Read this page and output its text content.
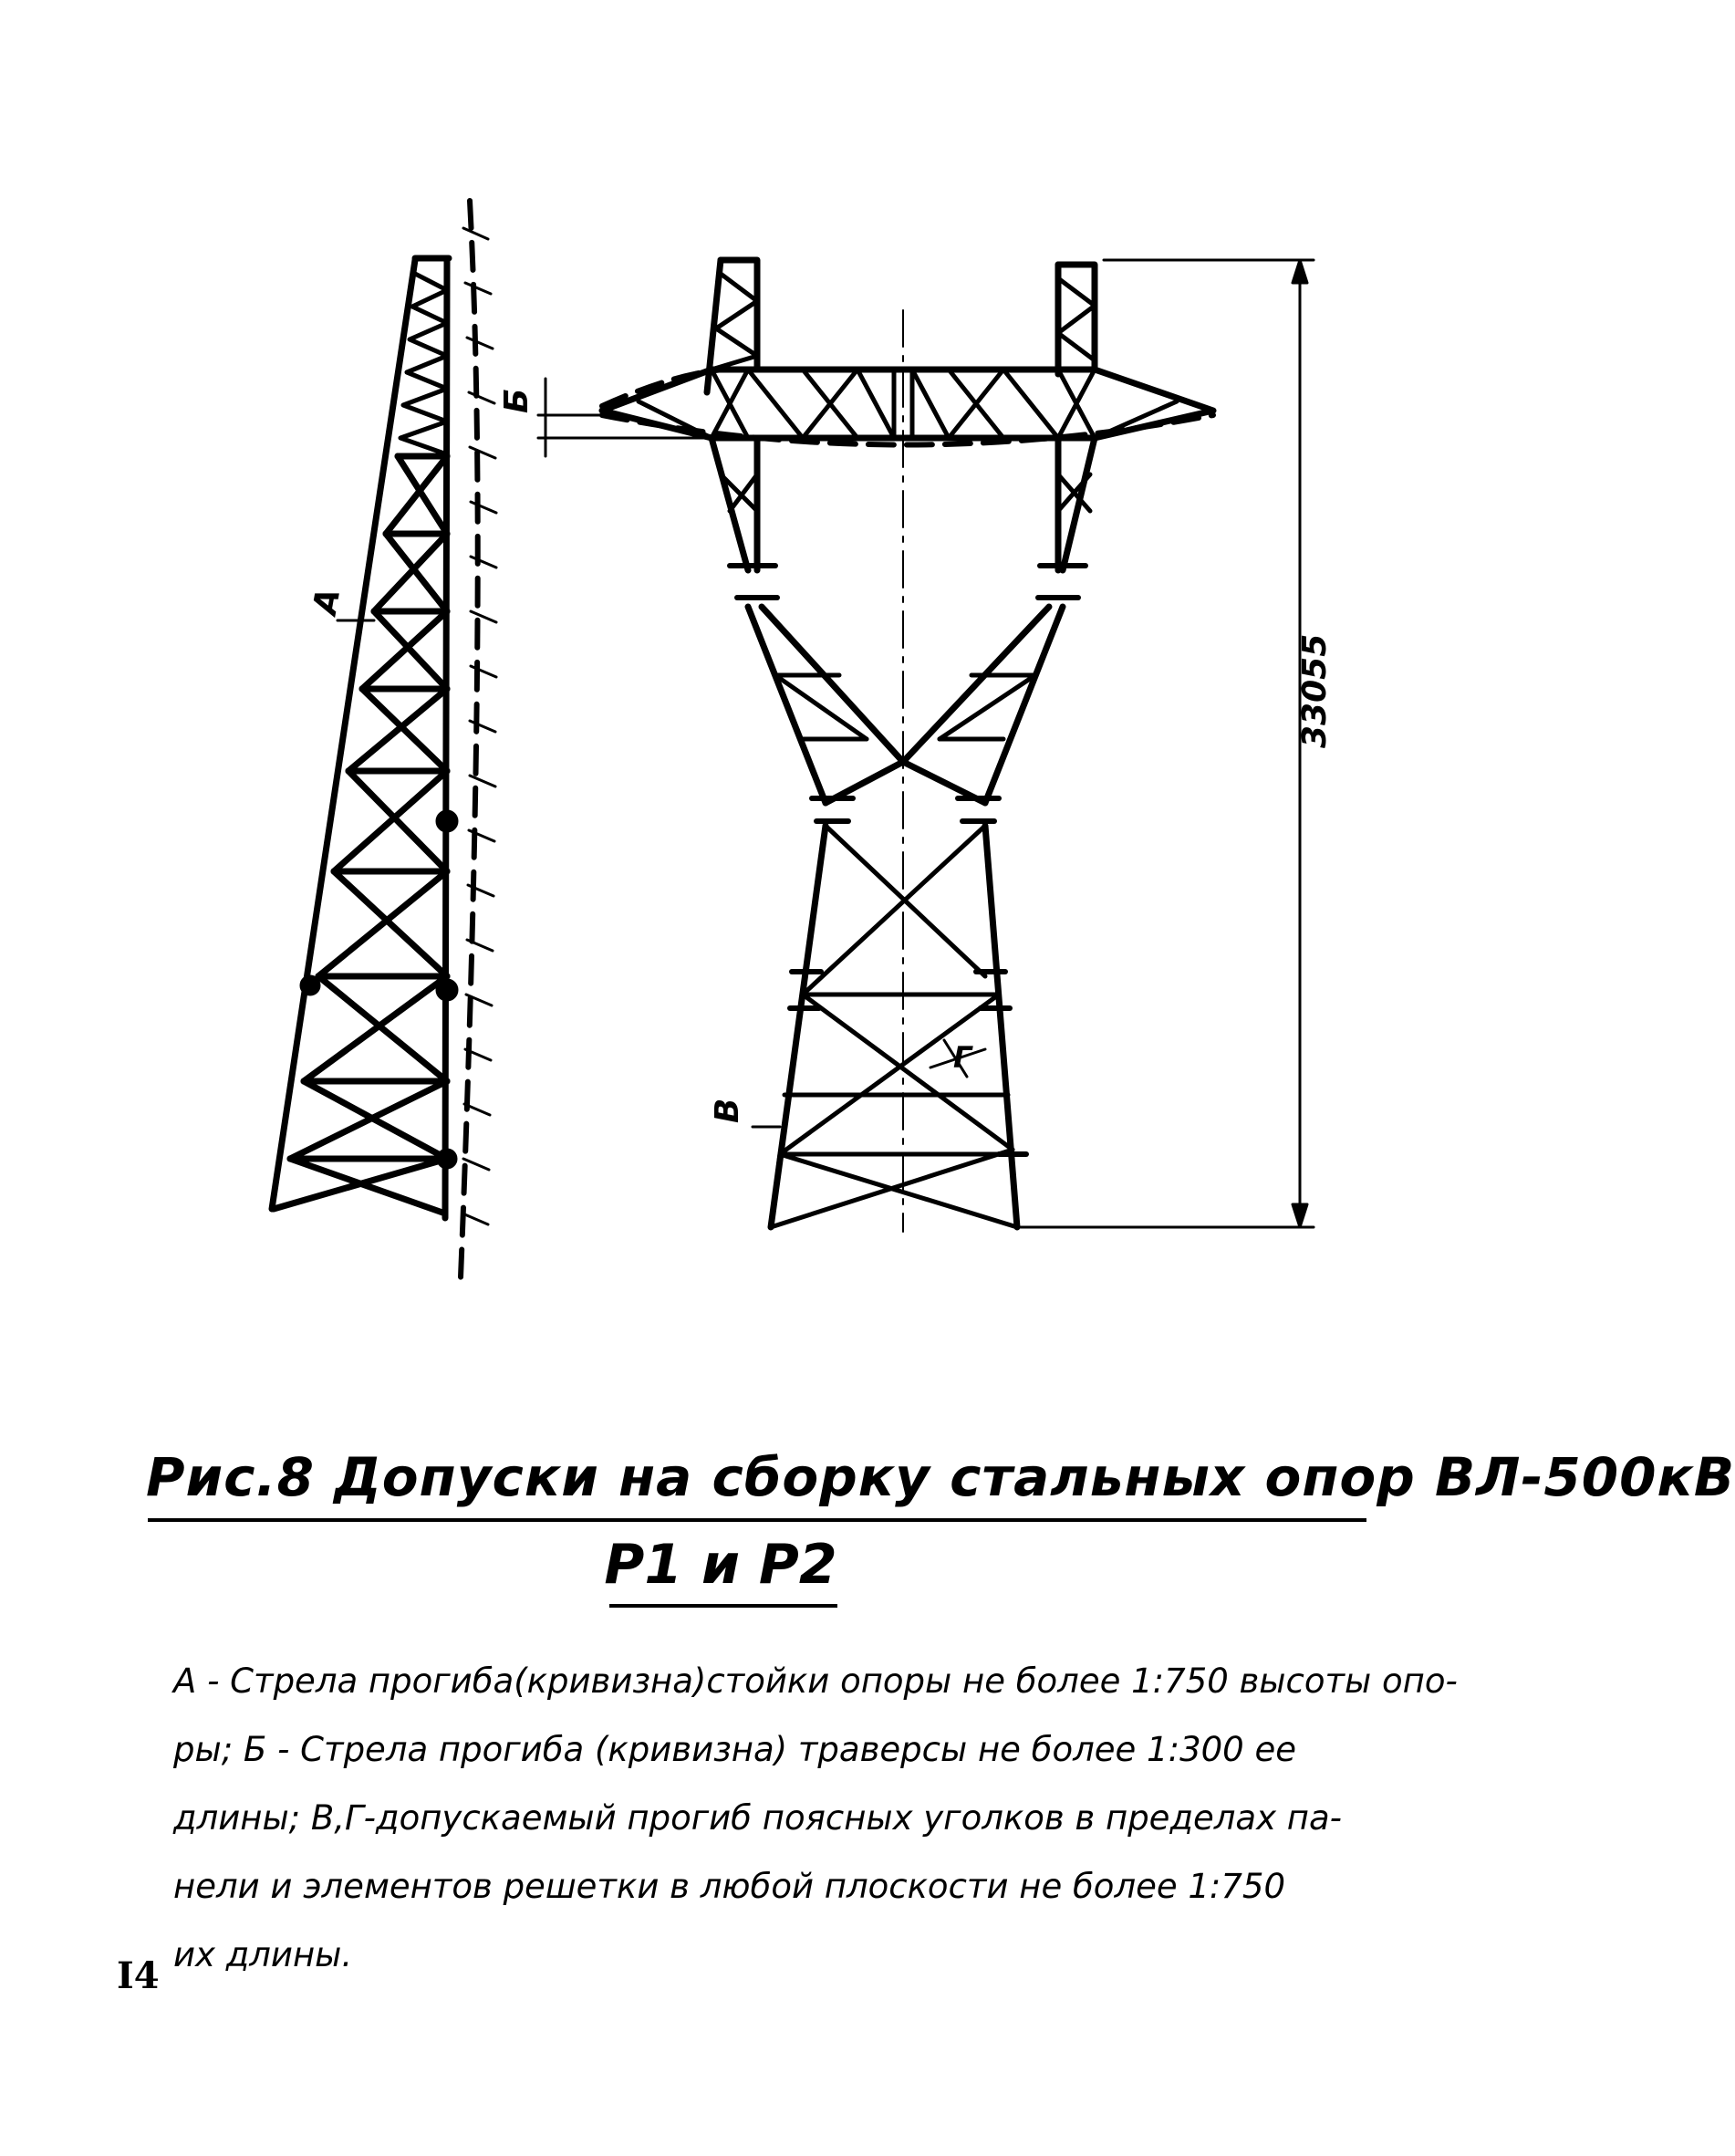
А
Б
В
Г
33055
Рис.8 Допуски на сборку стальных опор ВЛ-500кВ
Р1 и Р2

А - Стрела прогиба(кривизна)стойки опоры не более 1:750 высоты опо-
ры; Б - Стрела прогиба (кривизна) траверсы не более 1:300 ее
длины; В,Г-допускаемый прогиб поясных уголков в пределах па-
нели и элементов решетки в любой плоскости не более 1:750
их длины.

I4
